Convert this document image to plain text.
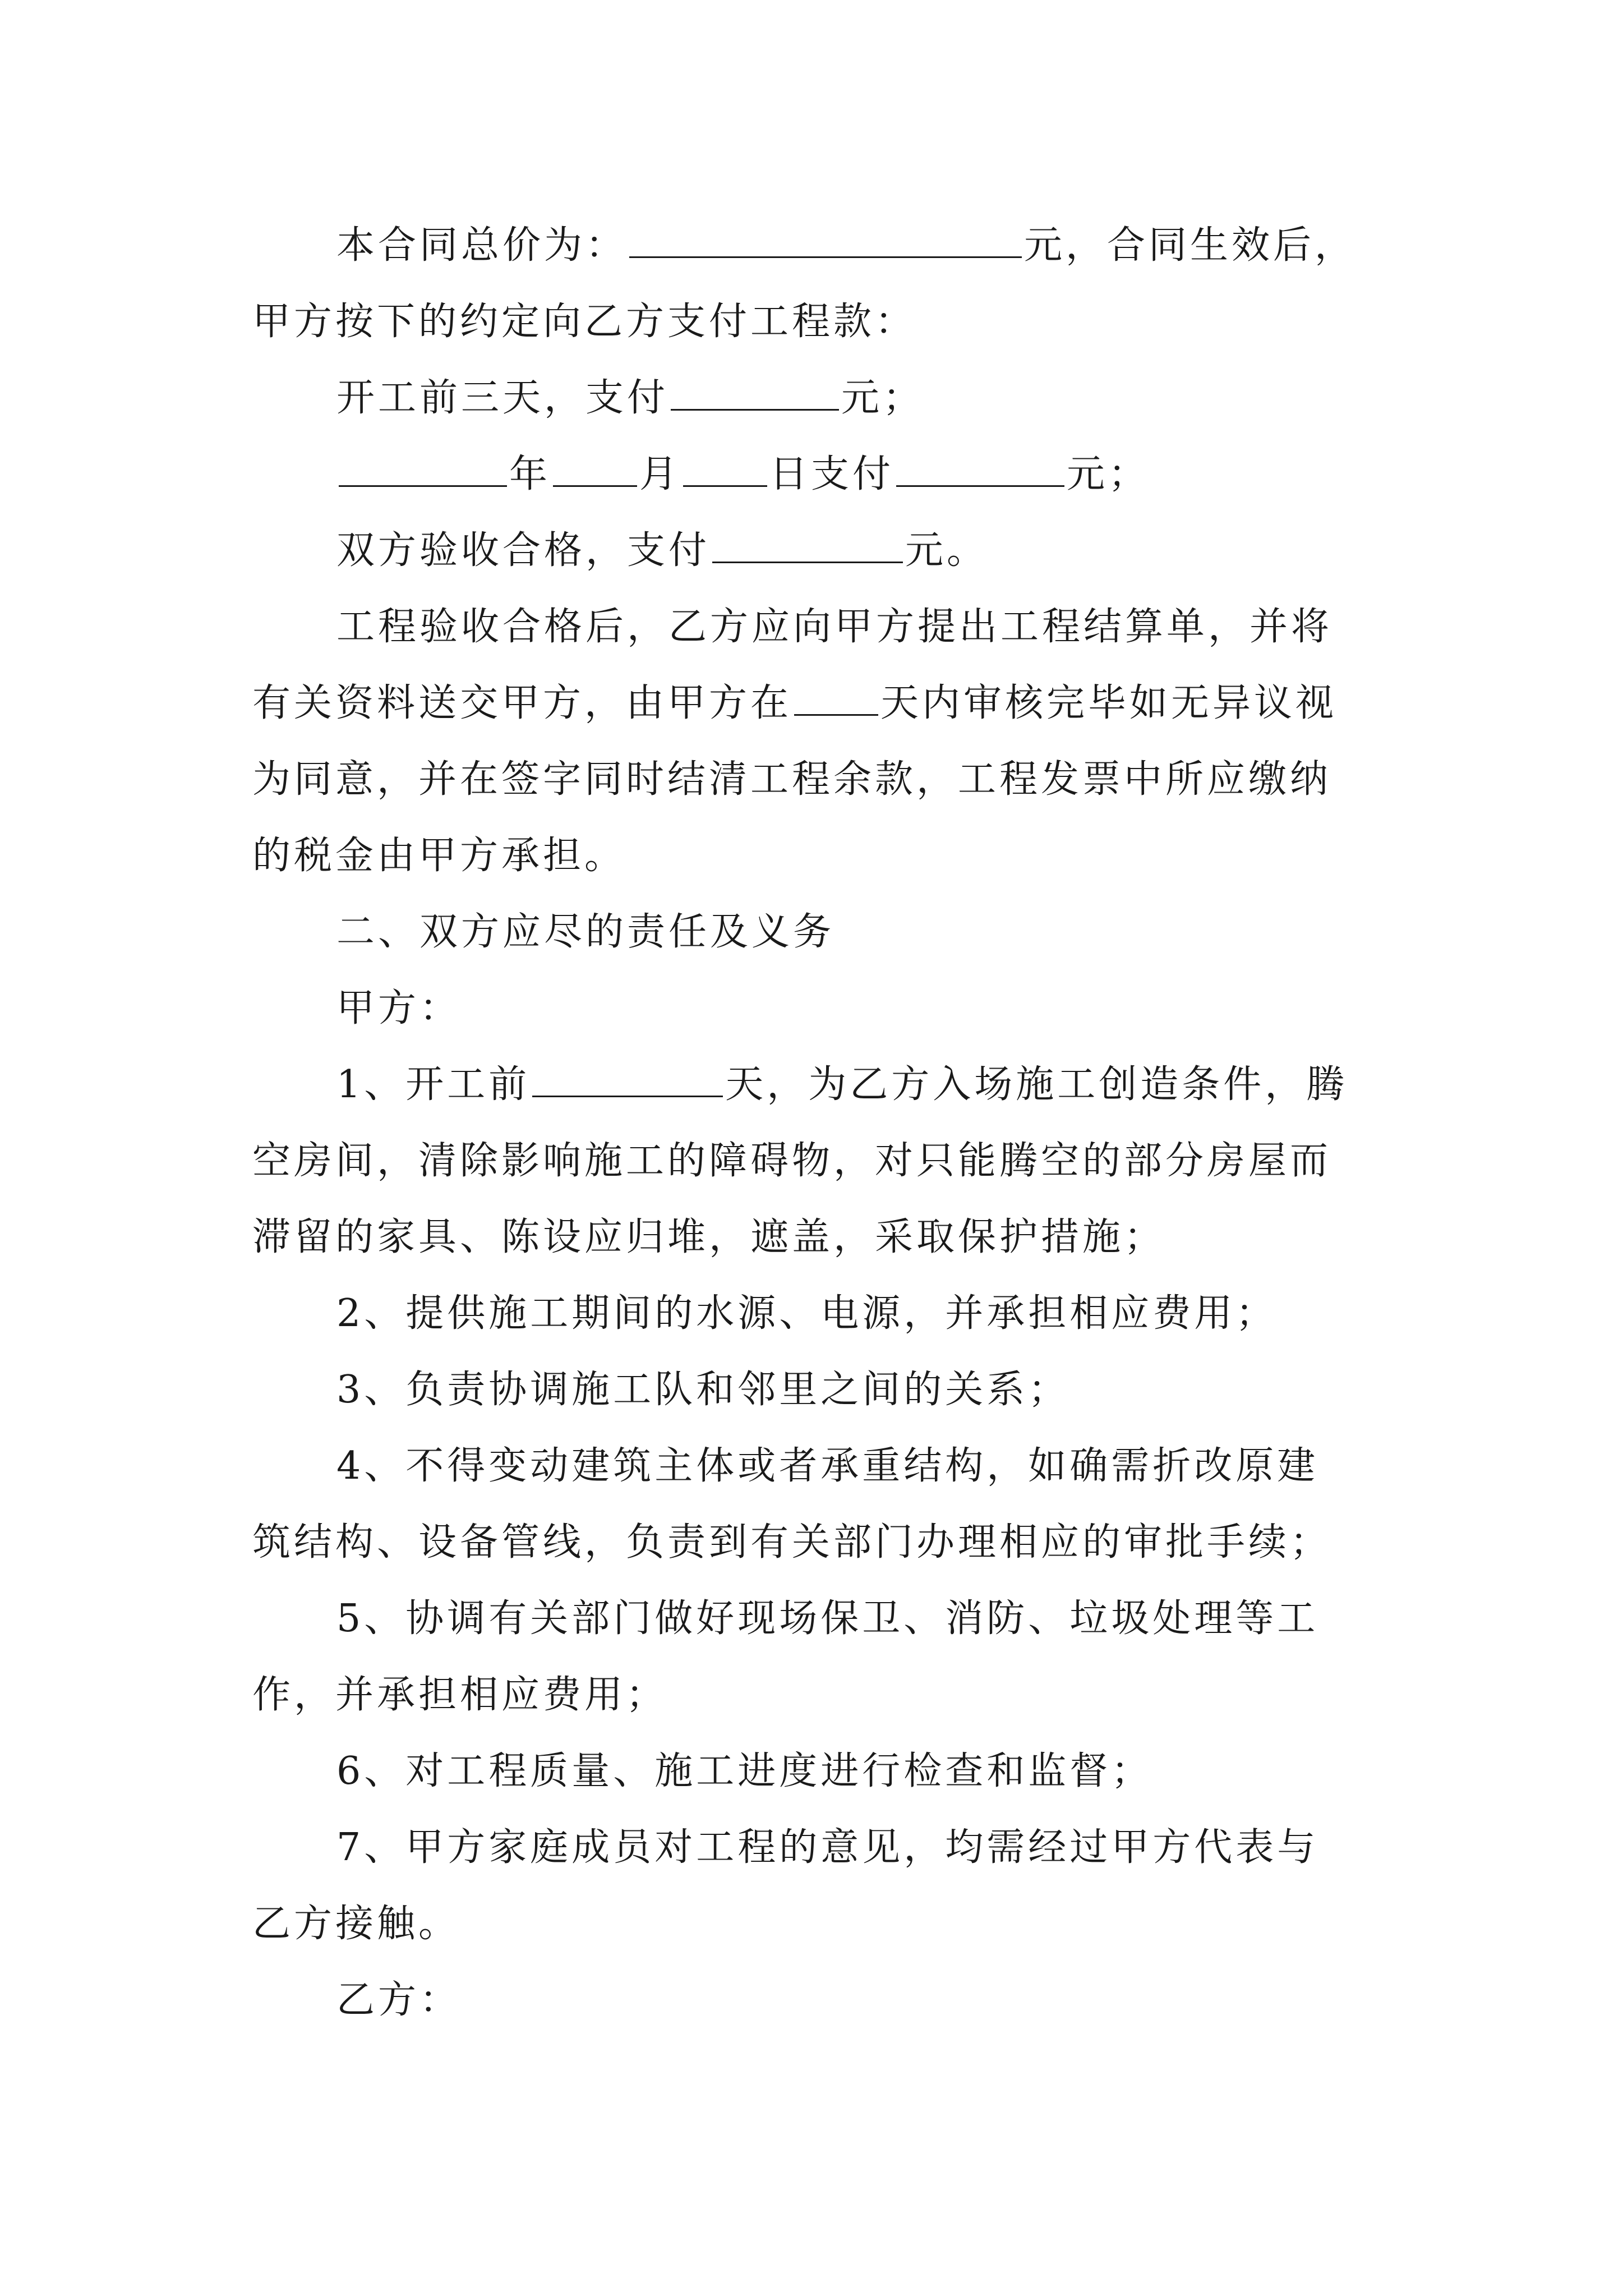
本合同总价为：	元，合同生效后，
甲方按下的约定向乙方支付工程款：
开工前三天，支付	元；
年 月 日支付	元；
双方验收合格，支付	元。
工程验收合格后，乙方应向甲方提出工程结算单，并将
有关资料送交甲方，由甲方在 天内审核完毕如无异议视
为同意，并在签字同时结清工程余款，工程发票中所应缴纳
的税金由甲方承担。
二、双方应尽的责任及义务
甲方：
1、开工前	天，为乙方入场施工创造条件，腾
空房间，清除影响施工的障碍物，对只能腾空的部分房屋而
滞留的家具、陈设应归堆，遮盖，采取保护措施；
2、提供施工期间的水源、电源，并承担相应费用；
3、负责协调施工队和邻里之间的关系；
4、不得变动建筑主体或者承重结构，如确需折改原建
筑结构、设备管线，负责到有关部门办理相应的审批手续；
5、协调有关部门做好现场保卫、消防、垃圾处理等工
作，并承担相应费用；
6、对工程质量、施工进度进行检查和监督；
7、甲方家庭成员对工程的意见，均需经过甲方代表与
乙方接触。
乙方：
